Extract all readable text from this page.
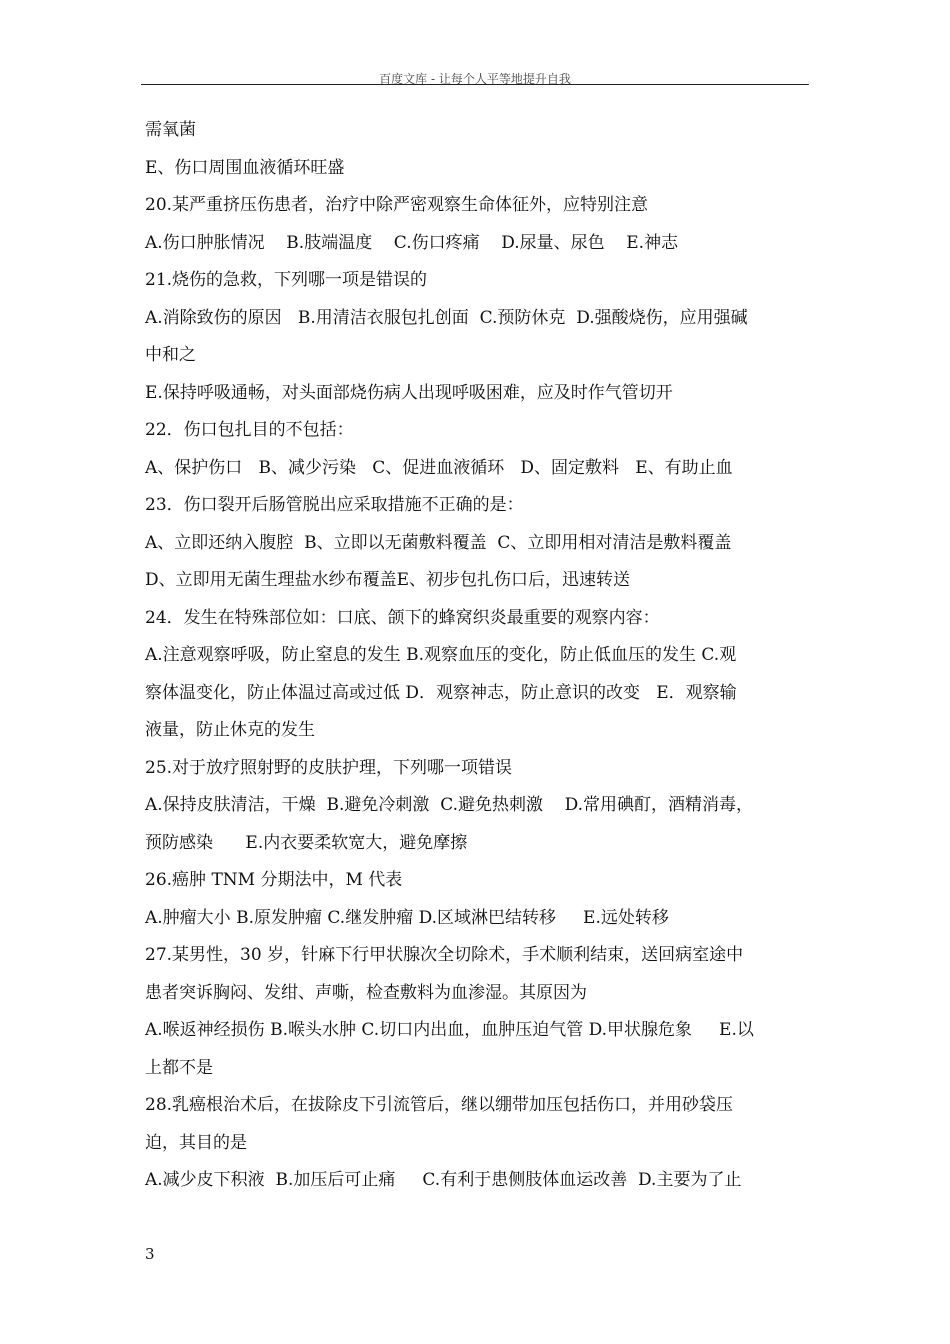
百度文库 - 让每个人平等地提升自我
需氧菌
E、伤口周围血液循环旺盛
20.某严重挤压伤患者，治疗中除严密观察生命体征外，应特别注意
A.伤口肿胀情况    B.肢端温度    C.伤口疼痛    D.尿量、尿色    E.神志
21.烧伤的急救，下列哪一项是错误的
A.消除致伤的原因   B.用清洁衣服包扎创面  C.预防休克  D.强酸烧伤，应用强碱
中和之
E.保持呼吸通畅，对头面部烧伤病人出现呼吸困难，应及时作气管切开
22．伤口包扎目的不包括：
A、保护伤口   B、减少污染   C、促进血液循环   D、固定敷料   E、有助止血
23．伤口裂开后肠管脱出应采取措施不正确的是：
A、立即还纳入腹腔  B、立即以无菌敷料覆盖  C、立即用相对清洁是敷料覆盖
D、立即用无菌生理盐水纱布覆盖E、初步包扎伤口后，迅速转送
24．发生在特殊部位如：口底、颌下的蜂窝织炎最重要的观察内容：
A.注意观察呼吸，防止窒息的发生 B.观察血压的变化，防止低血压的发生 C.观
察体温变化，防止体温过高或过低 D．观察神志，防止意识的改变   E．观察输
液量，防止休克的发生
25.对于放疗照射野的皮肤护理，下列哪一项错误
A.保持皮肤清洁，干燥  B.避免冷刺激  C.避免热刺激    D.常用碘酊，酒精消毒，
预防感染      E.内衣要柔软宽大，避免摩擦
26.癌肿 TNM 分期法中，M 代表
A.肿瘤大小 B.原发肿瘤 C.继发肿瘤 D.区域淋巴结转移     E.远处转移
27.某男性，30 岁，针麻下行甲状腺次全切除术，手术顺利结束，送回病室途中
患者突诉胸闷、发绀、声嘶，检查敷料为血渗湿。其原因为
A.喉返神经损伤 B.喉头水肿 C.切口内出血，血肿压迫气管 D.甲状腺危象     E.以
上都不是
28.乳癌根治术后，在拔除皮下引流管后，继以绷带加压包括伤口，并用砂袋压
迫，其目的是
A.减少皮下积液  B.加压后可止痛     C.有利于患侧肢体血运改善  D.主要为了止
3
